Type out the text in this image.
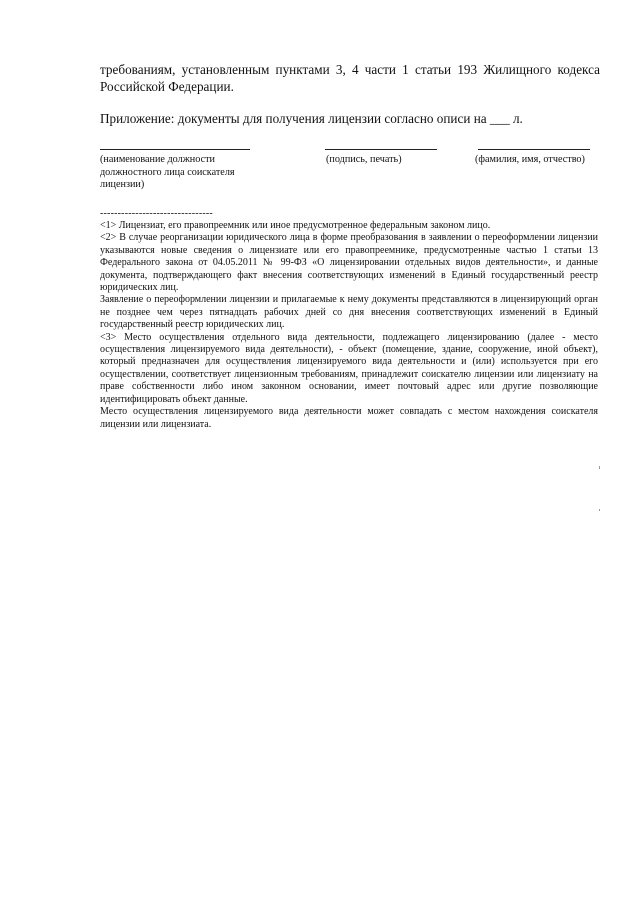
требованиям, установленным пунктами 3, 4 части 1 статьи 193 Жилищного кодекса Российской Федерации.
Приложение: документы для получения лицензии согласно описи на ___ л.
(наименование должности должностного лица соискателя лицензии)
(подпись, печать)	(фамилия, имя, отчество)
--------------------------------

<1> Лицензиат, его правопреемник или иное предусмотренное федеральным законом лицо.

<2> В случае реорганизации юридического лица в форме преобразования в заявлении о переоформлении лицензии указываются новые сведения о лицензиате или его правопреемнике, предусмотренные частью 1 статьи 13 Федерального закона от 04.05.2011 № 99-ФЗ «О лицензировании отдельных видов деятельности», и данные документа, подтверждающего факт внесения соответствующих изменений в Единый государственный реестр юридических лиц.

Заявление о переоформлении лицензии и прилагаемые к нему документы представляются в лицензирующий орган не позднее чем через пятнадцать рабочих дней со дня внесения соответствующих изменений в Единый государственный реестр юридических лиц.

<3> Место осуществления отдельного вида деятельности, подлежащего лицензированию (далее - место осуществления лицензируемого вида деятельности), - объект (помещение, здание, сооружение, иной объект), который предназначен для осуществления лицензируемого вида деятельности и (или) используется при его осуществлении, соответствует лицензионным требованиям, принадлежит соискателю лицензии или лицензиату на праве собственности либо ином законном основании, имеет почтовый адрес или другие позволяющие идентифицировать объект данные.

Место осуществления лицензируемого вида деятельности может совпадать с местом нахождения соискателя лицензии или лицензиата.
